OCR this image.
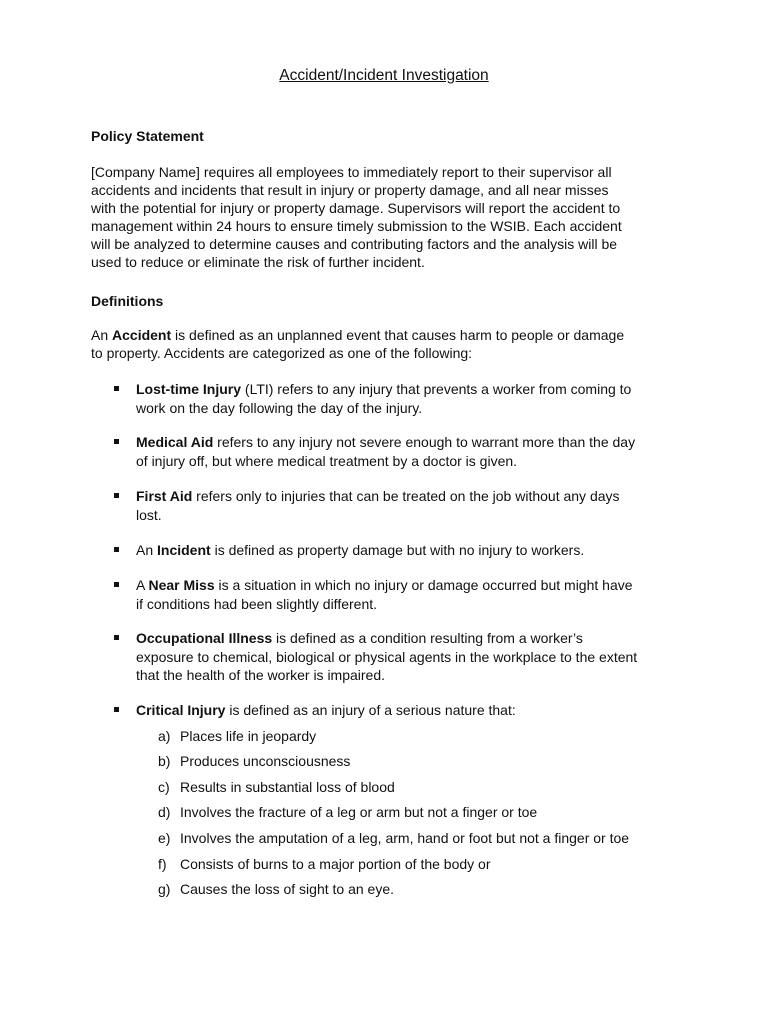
Accident/Incident Investigation
Policy Statement
[Company Name] requires all employees to immediately report to their supervisor all
accidents and incidents that result in injury or property damage, and all near misses
with the potential for injury or property damage. Supervisors will report the accident to
management within 24 hours to ensure timely submission to the WSIB. Each accident
will be analyzed to determine causes and contributing factors and the analysis will be
used to reduce or eliminate the risk of further incident.
Definitions
An Accident is defined as an unplanned event that causes harm to people or damage
to property. Accidents are categorized as one of the following:
Lost-time Injury (LTI) refers to any injury that prevents a worker from coming to
work on the day following the day of the injury.
Medical Aid refers to any injury not severe enough to warrant more than the day
of injury off, but where medical treatment by a doctor is given.
First Aid refers only to injuries that can be treated on the job without any days
lost.
An Incident is defined as property damage but with no injury to workers.
A Near Miss is a situation in which no injury or damage occurred but might have
if conditions had been slightly different.
Occupational Illness is defined as a condition resulting from a worker’s
exposure to chemical, biological or physical agents in the workplace to the extent
that the health of the worker is impaired.
Critical Injury is defined as an injury of a serious nature that:
a) Places life in jeopardy
b) Produces unconsciousness
c) Results in substantial loss of blood
d) Involves the fracture of a leg or arm but not a finger or toe
e) Involves the amputation of a leg, arm, hand or foot but not a finger or toe
f) Consists of burns to a major portion of the body or
g) Causes the loss of sight to an eye.
